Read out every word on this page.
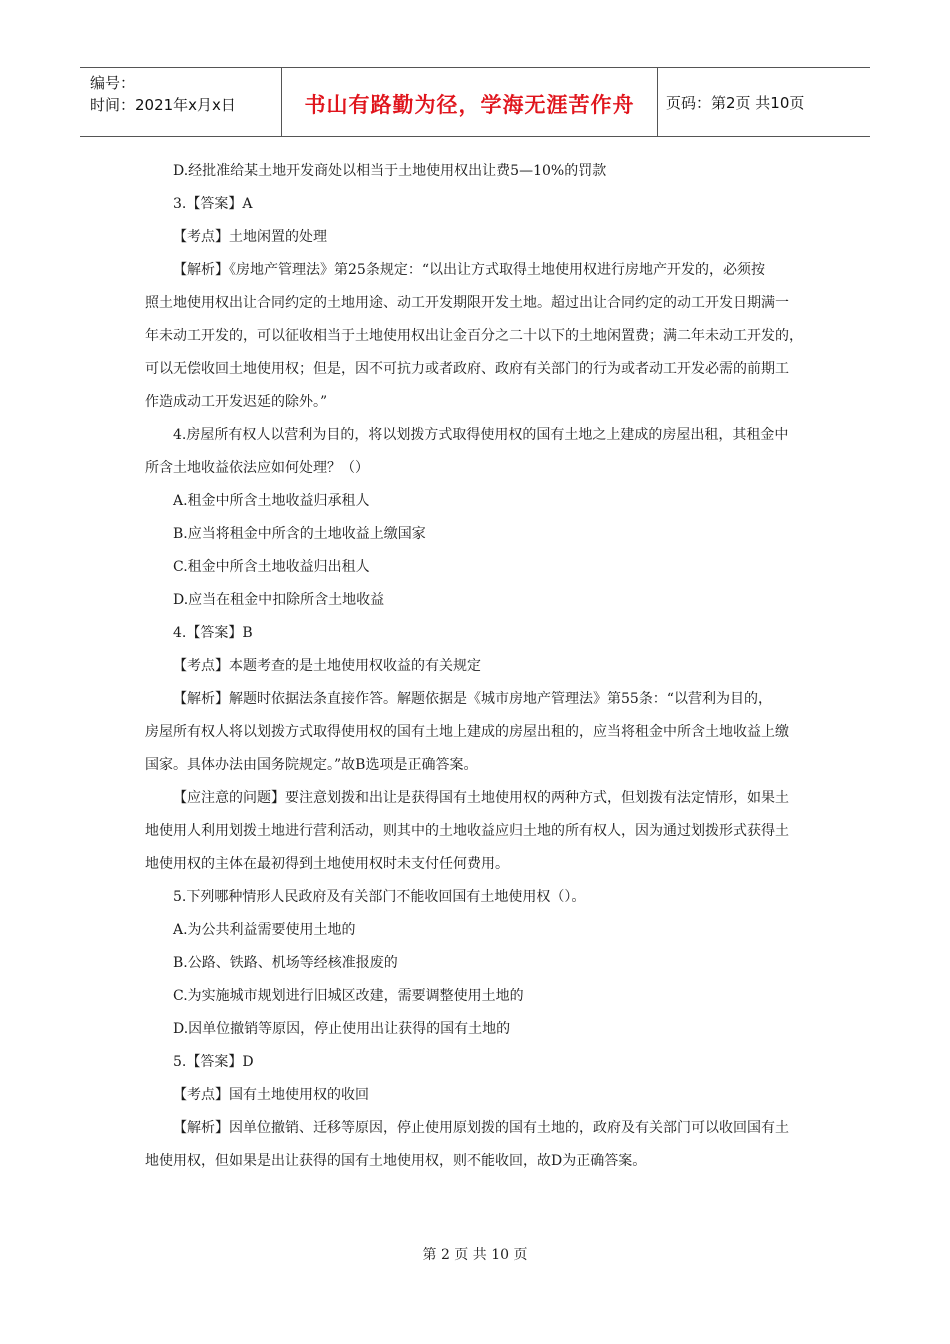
编号：
时间：2021年x月x日	书山有路勤为径，学海无涯苦作舟 页码：第2页 共10页

D.经批准给某土地开发商处以相当于土地使用权出让费5—10%的罚款

3.【答案】A

【考点】土地闲置的处理

【解析】《房地产管理法》第25条规定：“以出让方式取得土地使用权进行房地产开发的，必须按

照土地使用权出让合同约定的土地用途、动工开发期限开发土地。超过出让合同约定的动工开发日期满一

年未动工开发的，可以征收相当于土地使用权出让金百分之二十以下的土地闲置费；满二年未动工开发的，

可以无偿收回土地使用权；但是，因不可抗力或者政府、政府有关部门的行为或者动工开发必需的前期工

作造成动工开发迟延的除外。”

4.房屋所有权人以营利为目的，将以划拨方式取得使用权的国有土地之上建成的房屋出租，其租金中

所含土地收益依法应如何处理？（）

A.租金中所含土地收益归承租人

B.应当将租金中所含的土地收益上缴国家

C.租金中所含土地收益归出租人

D.应当在租金中扣除所含土地收益

4.【答案】B

【考点】本题考查的是土地使用权收益的有关规定

【解析】解题时依据法条直接作答。解题依据是《城市房地产管理法》第55条：“以营利为目的，

房屋所有权人将以划拨方式取得使用权的国有土地上建成的房屋出租的，应当将租金中所含土地收益上缴

国家。具体办法由国务院规定。”故B选项是正确答案。

【应注意的问题】要注意划拨和出让是获得国有土地使用权的两种方式，但划拨有法定情形，如果土

地使用人利用划拨土地进行营利活动，则其中的土地收益应归土地的所有权人，因为通过划拨形式获得土

地使用权的主体在最初得到土地使用权时未支付任何费用。

5.下列哪种情形人民政府及有关部门不能收回国有土地使用权（）。

A.为公共利益需要使用土地的

B.公路、铁路、机场等经核准报废的

C.为实施城市规划进行旧城区改建，需要调整使用土地的

D.因单位撤销等原因，停止使用出让获得的国有土地的

5.【答案】D

【考点】国有土地使用权的收回

【解析】因单位撤销、迁移等原因，停止使用原划拨的国有土地的，政府及有关部门可以收回国有土

地使用权，但如果是出让获得的国有土地使用权，则不能收回，故D为正确答案。

第 2 页 共 10 页
